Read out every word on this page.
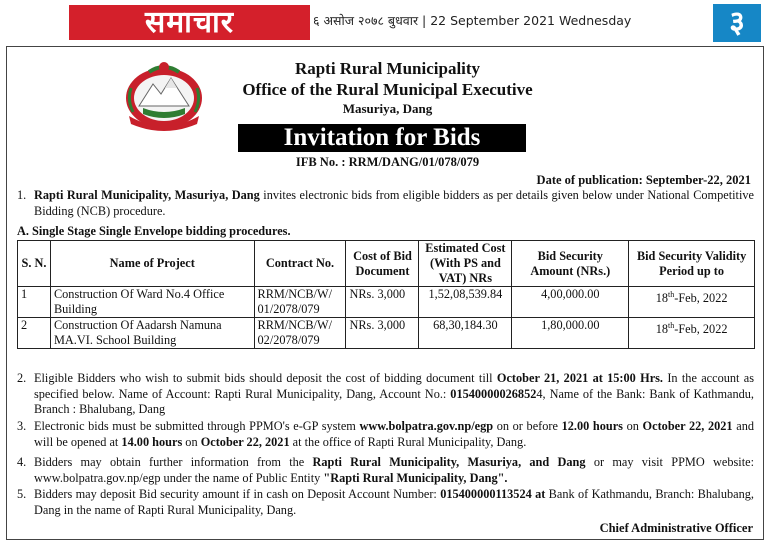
समाचार	६ असोज २०७८ बुधवार | 22 September 2021 Wednesday	३
Rapti Rural Municipality
Office of the Rural Municipal Executive
Masuriya, Dang
Invitation for Bids
IFB No. : RRM/DANG/01/078/079
Date of publication: September-22, 2021
1. Rapti Rural Municipality, Masuriya, Dang invites electronic bids from eligible bidders as per details given below under National Competitive Bidding (NCB) procedure.
A. Single Stage Single Envelope bidding procedures.
S. N.	Name of Project	Contract No.	Cost of Bid Document	Estimated Cost (With PS and VAT) NRs	Bid Security Amount (NRs.)	Bid Security Validity Period up to
1	Construction Of Ward No.4 Office Building	RRM/NCB/W/ 01/2078/079	NRs. 3,000	1,52,08,539.84	4,00,000.00	18th-Feb, 2022
2	Construction Of Aadarsh Namuna MA.VI. School Building	RRM/NCB/W/ 02/2078/079	NRs. 3,000	68,30,184.30	1,80,000.00	18th-Feb, 2022
2. Eligible Bidders who wish to submit bids should deposit the cost of bidding document till October 21, 2021 at 15:00 Hrs. In the account as specified below. Name of Account: Rapti Rural Municipality, Dang, Account No.: 015400000268524, Name of the Bank: Bank of Kathmandu, Branch : Bhalubang, Dang
3. Electronic bids must be submitted through PPMO's e-GP system www.bolpatra.gov.np/egp on or before 12.00 hours on October 22, 2021 and will be opened at 14.00 hours on October 22, 2021 at the office of Rapti Rural Municipality, Dang.
4. Bidders may obtain further information from the Rapti Rural Municipality, Masuriya, and Dang or may visit PPMO website: www.bolpatra.gov.np/egp under the name of Public Entity "Rapti Rural Municipality, Dang".
5. Bidders may deposit Bid security amount if in cash on Deposit Account Number: 015400000113524 at Bank of Kathmandu, Branch: Bhalubang, Dang in the name of Rapti Rural Municipality, Dang.
Chief Administrative Officer
